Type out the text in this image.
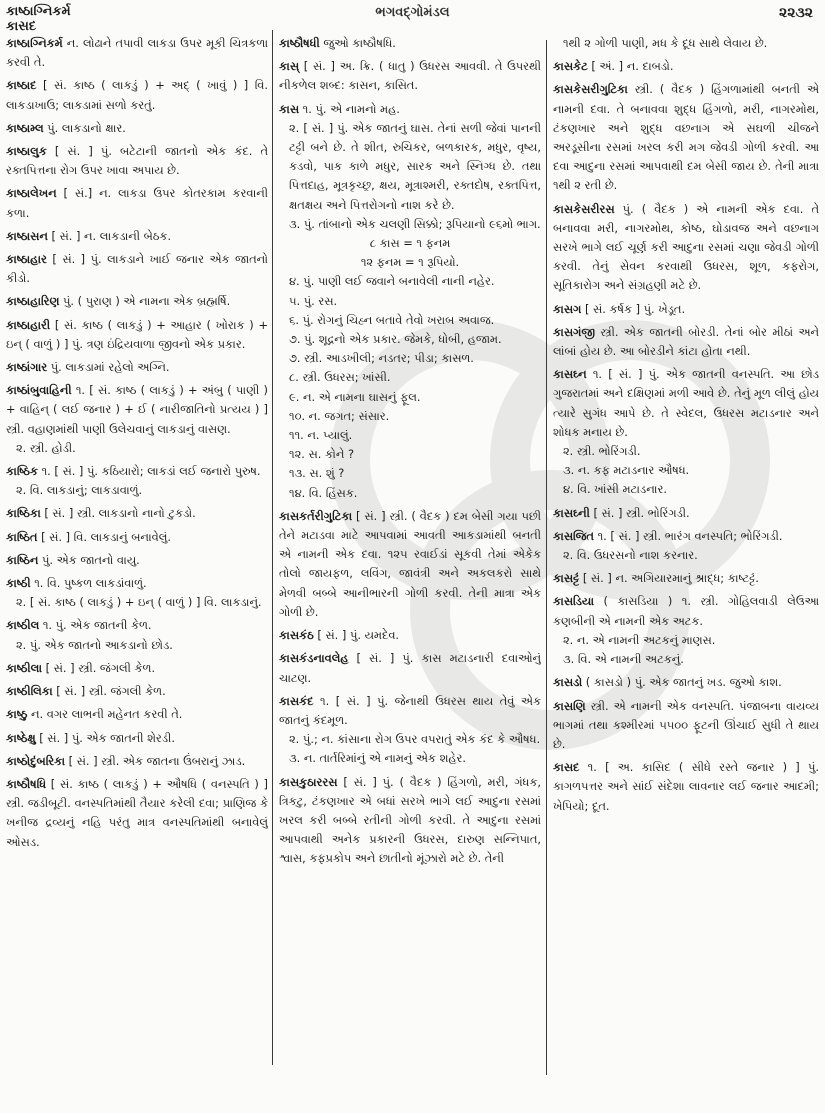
કાષ્ઠાગ્નિકર્મ
કાસદ
ભગવદ્ગોમંડલ	૨૨૩૨
કાષ્ઠાગ્નિકર્મ ન. લોઢાને તપાવી લાકડા ઉપર મૂકી ચિત્રકળા કરવી તે.
કાષ્ઠાદ [ સં. કાષ્ઠ ( લાકડું ) + અદ્ ( ખાવું ) ] વિ. લાકડાખાઉ; લાકડામાં સળો કરતું.
કાષ્ઠામ્લ પું. લાકડાનો ક્ષાર.
કાષ્ઠાલુક [ સં. ] પું. બટેટાની જાતનો એક કંદ. તે રક્તપિત્તના રોગ ઉપર ખાવા અપાય છે.
કાષ્ઠાલેખન [ સં.] ન. લાકડા ઉપર કોતરકામ કરવાની કળા.
કાષ્ઠાસન [ સં. ] ન. લાકડાની બેઠક.
કાષ્ઠાહાર [ સં. ] પું. લાકડાને ખાઈ જનાર એક જાતનો કીડો.
કાષ્ઠાહારિણ પું. ( પુરાણ ) એ નામના એક બ્રહ્મર્ષિ.
કાષ્ઠાહારી [ સં. કાષ્ઠ ( લાકડું ) + આહાર ( ખોરાક ) + ઇન્ ( વાળું ) ] પું. ત્રણ ઇંદ્રિયવાળા જીવનો એક પ્રકાર.
કાષ્ઠાંગાર પું. લાકડામાં રહેલો અગ્નિ.
કાષ્ઠાંબુવાહિની ૧. [ સં. કાષ્ઠ ( લાકડું ) + અંબુ ( પાણી ) + વાહિન્ ( લઈ જનાર ) + ઈ ( નારીજાતિનો પ્રત્યય ) ] સ્ત્રી. વહાણમાંથી પાણી ઉલેચવાનું લાકડાનું વાસણ.

૨. સ્ત્રી. હોડી.

કાષ્ઠિક ૧. [ સં. ] પું. કઠિયારો; લાકડાં લઈ જનારો પુરુષ.

૨. વિ. લાકડાનું; લાકડાવાળું.

કાષ્ઠિકા [ સં. ] સ્ત્રી. લાકડાનો નાનો ટુકડો.
કાષ્ઠિત [ સં. ] વિ. લાકડાનું બનાવેલું.
કાષ્ઠિન પું. એક જાતનો વાયુ.
કાષ્ઠી ૧. વિ. પુષ્કળ લાકડાંવાળું.

૨. [ સં. કાષ્ઠ ( લાકડું ) + ઇન્ ( વાળું ) ] વિ. લાકડાનું.

કાષ્ઠીલ ૧. પું. એક જાતની કેળ.

૨. પું. એક જાતનો આકડાનો છોડ.

કાષ્ઠીલા [ સં. ] સ્ત્રી. જંગલી કેળ.
કાષ્ઠીલિકા [ સં. ] સ્ત્રી. જંગલી કેળ.
કાષ્ઠુ ન. વગર લાભની મહેનત કરવી તે.
કાષ્ઠેક્ષુ [ સં. ] પું. એક જાતની શેરડી.
કાષ્ઠોદુંબરિકા [ સં. ] સ્ત્રી. એક જાતના ઉંબરાનું ઝાડ.
કાષ્ઠૌષધિ [ સં. કાષ્ઠ ( લાકડું ) + ઔષધિ ( વનસ્પતિ ) ] સ્ત્રી. જડીબૂટી. વનસ્પતિમાંથી તૈયાર કરેલી દવા; પ્રાણિજ કે ખનીજ દ્રવ્યનું નહિ પરંતુ માત્ર વનસ્પતિમાંથી બનાવેલું ઓસડ.
કાષ્ઠૌષધી જુઓ કાષ્ઠૌષધિ.
કાસ્ [ સં. ] અ. ક્રિ. ( ધાતુ ) ઉધરસ આવવી. તે ઉપરથી નીકળેલ શબ્દ: કાસન, કાસિત.
કાસ ૧. પું. એ નામનો મહ.

૨. [ સં. ] પું. એક જાતનું ઘાસ. તેનાં સળી જેવાં પાનની ટટ્ટી બને છે. તે શીત, રુચિકર, બળકારક, મધુર, વૃષ્ય, કડવો, પાક કાળે મધુર, સારક અને સ્નિગ્ધ છે. તથા પિત્તદાહ, મૂત્રકૃચ્છ્ર, ક્ષય, મૂત્રાશ્મરી, રક્તદોષ, રક્તપિત્ત, ક્ષતક્ષય અને પિત્તરોગનો નાશ કરે છે.

૩. પું. તાંબાનો એક ચલણી સિક્કો; રૂપિયાનો ૯૬મો ભાગ.

૮ કાસ = ૧ ફનમ

૧૨ ફનમ = ૧ રૂપિયો.

૪. પું. પાણી લઈ જવાને બનાવેલી નાની નહેર.

૫. પું. રસ.

૬. પું. રોગનું ચિહ્ન બતાવે તેવો ખરાબ અવાજ.

૭. પું. શૂદ્રનો એક પ્રકાર. જેમકે, ધોબી, હજામ.

૭. સ્ત્રી. આડખીલી; નડતર; પીડા; કાસળ.

૮. સ્ત્રી. ઉધરસ; ખાંસી.

૯. ન. એ નામના ઘાસનું ફૂલ.

૧૦. ન. જગત; સંસાર.

૧૧. ન. પ્યાલું.

૧૨. સ. કોને ?

૧૩. સ. શું ?

૧૪. વિ. હિંસક.

કાસકર્તરીગુટિકા [ સં. ] સ્ત્રી. ( વૈદક ) દમ બેસી ગયા પછી તેને મટાડવા માટે આપવામાં આવતી આકડામાંથી બનતી એ નામની એક દવા. ૧૨૫ રવાઈડાં સૂકવી તેમાં એકેક તોલો જાયફળ, લવિંગ, જાવંત્રી અને અકલકરો સાથે મેળવી બબ્બે આનીભારની ગોળી કરવી. તેની માત્રા એક ગોળી છે.
કાસકંઠ [ સં. ] પું. યમદેવ.
કાસકંડનાવલેહ [ સં. ] પું. કાસ મટાડનારી દવાઓનું ચાટણ.
કાસકંદ ૧. [ સં. ] પું. જેનાથી ઉધરસ થાય તેવું એક જાતનું કંદમૂળ.

૨. પું.; ન. કાંસાના રોગ ઉપર વપરાતું એક કંદ કે ઔષધ.

૩. ન. તાર્તરિમાંનું એ નામનું એક શહેર.

કાસકુઠારરસ [ સં. ] પું. ( વૈદક ) હિંગળો, મરી, ગંધક, ત્રિકટુ, ટંકણખાર એ બધાં સરખે ભાગે લઈ આદુના રસમાં ખરલ કરી બબ્બે રતીની ગોળી કરવી. તે આદુના રસમાં આપવાથી અનેક પ્રકારની ઉધરસ, દારુણ સન્નિપાત, શ્વાસ, કફપ્રકોપ અને છાતીનો મૂંઝારો મટે છે. તેની

૧થી ૨ ગોળી પાણી, મધ કે દૂધ સાથે લેવાય છે.

કાસકેટ [ અં. ] ન. દાબડો.
કાસકેસરીગુટિકા સ્ત્રી. ( વૈદક ) હિંગળામાંથી બનતી એ નામની દવા. તે બનાવવા શુદ્ધ હિંગળો, મરી, નાગરમોથ, ટંકણખાર અને શુદ્ધ વછનાગ એ સઘળી ચીજને અરડૂસીના રસમાં ખરલ કરી મગ જેવડી ગોળી કરવી. આ દવા આદુના રસમાં આપવાથી દમ બેસી જાય છે. તેની માત્રા ૧થી ૨ રતી છે.
કાસકેસરીરસ પું. ( વૈદક ) એ નામની એક દવા. તે બનાવવા મરી, નાગરમોથ, કોષ્ઠ, ઘોડાવજ અને વછનાગ સરખે ભાગે લઈ ચૂર્ણ કરી આદુના રસમાં ચણા જેવડી ગોળી કરવી. તેનું સેવન કરવાથી ઉધરસ, શૂળ, કફરોગ, સૂતિકારોગ અને સંગ્રહણી મટે છે.
કાસગ [ સં. કર્ષક ] પું. ખેડૂત.
કાસગંજી સ્ત્રી. એક જાતની બોરડી. તેનાં બોર મીઠાં અને લાંબાં હોય છે. આ બોરડીને કાંટા હોતા નથી.
કાસઘ્ન ૧. [ સં. ] પું. એક જાતની વનસ્પતિ. આ છોડ ગુજરાતમાં અને દક્ષિણમાં મળી આવે છે. તેનું મૂળ લીલું હોય ત્યારે સુગંધ આપે છે. તે સ્વેદલ, ઉધરસ મટાડનાર અને શોધક મનાય છે.

૨. સ્ત્રી. ભોરિંગડી.

૩. ન. કફ મટાડનાર ઔષધ.

૪. વિ. ખાંસી મટાડનાર.

કાસઘ્ની [ સં. ] સ્ત્રી. ભોરિંગડી.
કાસજિત ૧. [ સં. ] સ્ત્રી. ભારંગ વનસ્પતિ; ભોરિંગડી.

૨. વિ. ઉધરસનો નાશ કરનાર.

કાસટ્ટં [ સં. ] ન. અગિયારમાનું શ્રાદ્ધ; કાષ્ટટ્ટં.
કાસડિયા ( કાસડિયા ) ૧. સ્ત્રી. ગોહિલવાડી લેઉઆ કણબીની એ નામની એક અટક.

૨. ન. એ નામની અટકનું માણસ.

૩. વિ. એ નામની અટકનું.

કાસડો ( કાસડો ) પું. એક જાતનું ખડ. જુઓ કાશ.
કાસણિ સ્ત્રી. એ નામની એક વનસ્પતિ. પંજાબના વાયવ્ય ભાગમાં તથા કશ્મીરમાં ૫૫૦૦ ફૂટની ઊંચાઈ સુધી તે થાય છે.
કાસદ ૧. [ અ. કાસિદ ( સીધે રસ્તે જનાર ) ] પું. કાગળપત્તર અને સાંઈ સંદેશા લાવનાર લઈ જનાર આદમી; ખેપિયો; દૂત.
